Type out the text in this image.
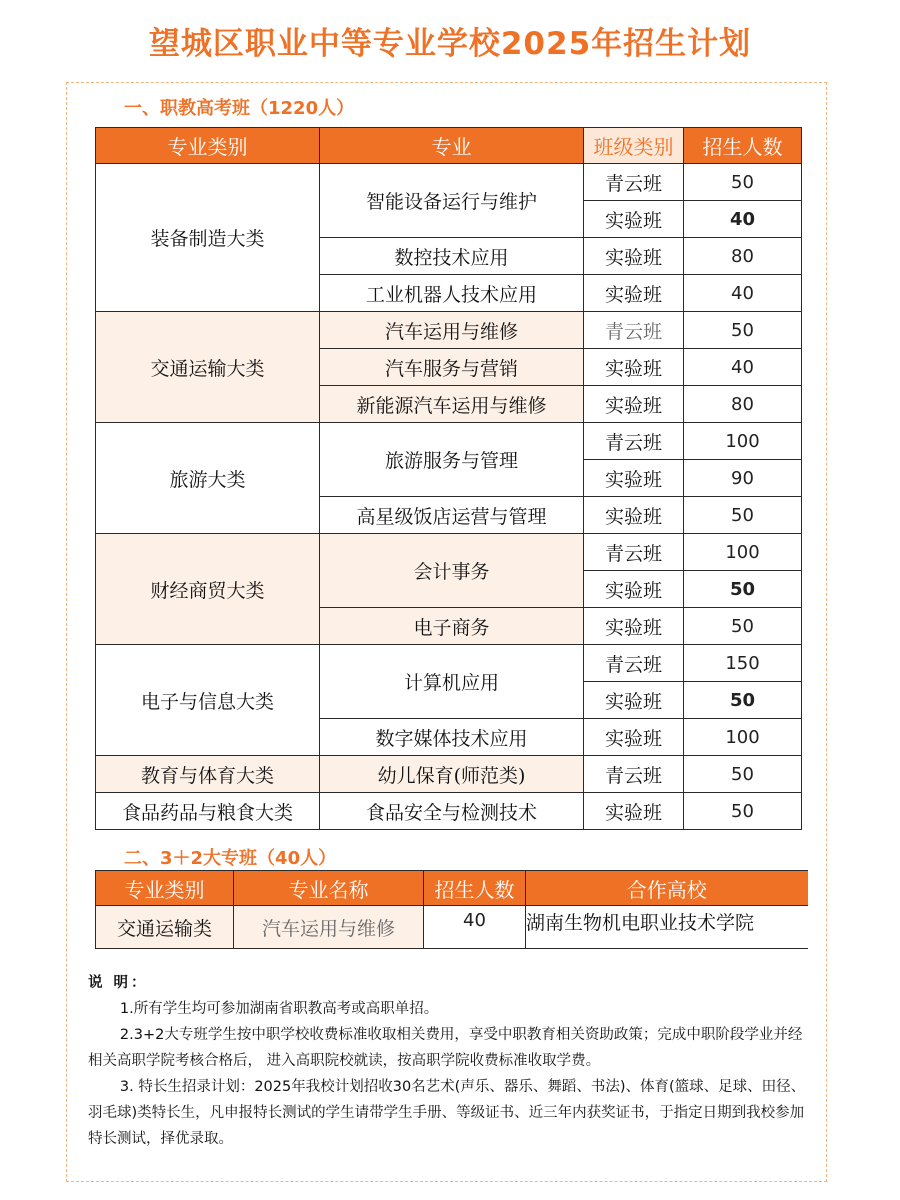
望城区职业中等专业学校2025年招生计划
一、职教高考班（1220人）
专业类别	专业	班级类别	招生人数
装备制造大类	智能设备运行与维护	青云班	50
		实验班	40
	数控技术应用	实验班	80
	工业机器人技术应用	实验班	40
交通运输大类	汽车运用与维修	青云班	50
	汽车服务与营销	实验班	40
	新能源汽车运用与维修	实验班	80
旅游大类	旅游服务与管理	青云班	100
		实验班	90
	高星级饭店运营与管理	实验班	50
财经商贸大类	会计事务	青云班	100
		实验班	50
	电子商务	实验班	50
电子与信息大类	计算机应用	青云班	150
		实验班	50
	数字媒体技术应用	实验班	100
教育与体育大类	幼儿保育(师范类)	青云班	50
食品药品与粮食大类	食品安全与检测技术	实验班	50
二、3＋2大专班（40人）
专业类别	专业名称	招生人数	合作高校
交通运输类	汽车运用与维修	40	湖南生物机电职业技术学院
说 明：

1.所有学生均可参加湖南省职教高考或高职单招。

2.3+2大专班学生按中职学校收费标准收取相关费用，享受中职教育相关资助政策；完成中职阶段学业并经相关高职学院考核合格后， 进入高职院校就读，按高职学院收费标准收取学费。

3. 特长生招录计划：2025年我校计划招收30名艺术(声乐、器乐、舞蹈、书法)、体育(篮球、足球、田径、羽毛球)类特长生，凡申报特长测试的学生请带学生手册、等级证书、近三年内获奖证书，于指定日期到我校参加特长测试，择优录取。
